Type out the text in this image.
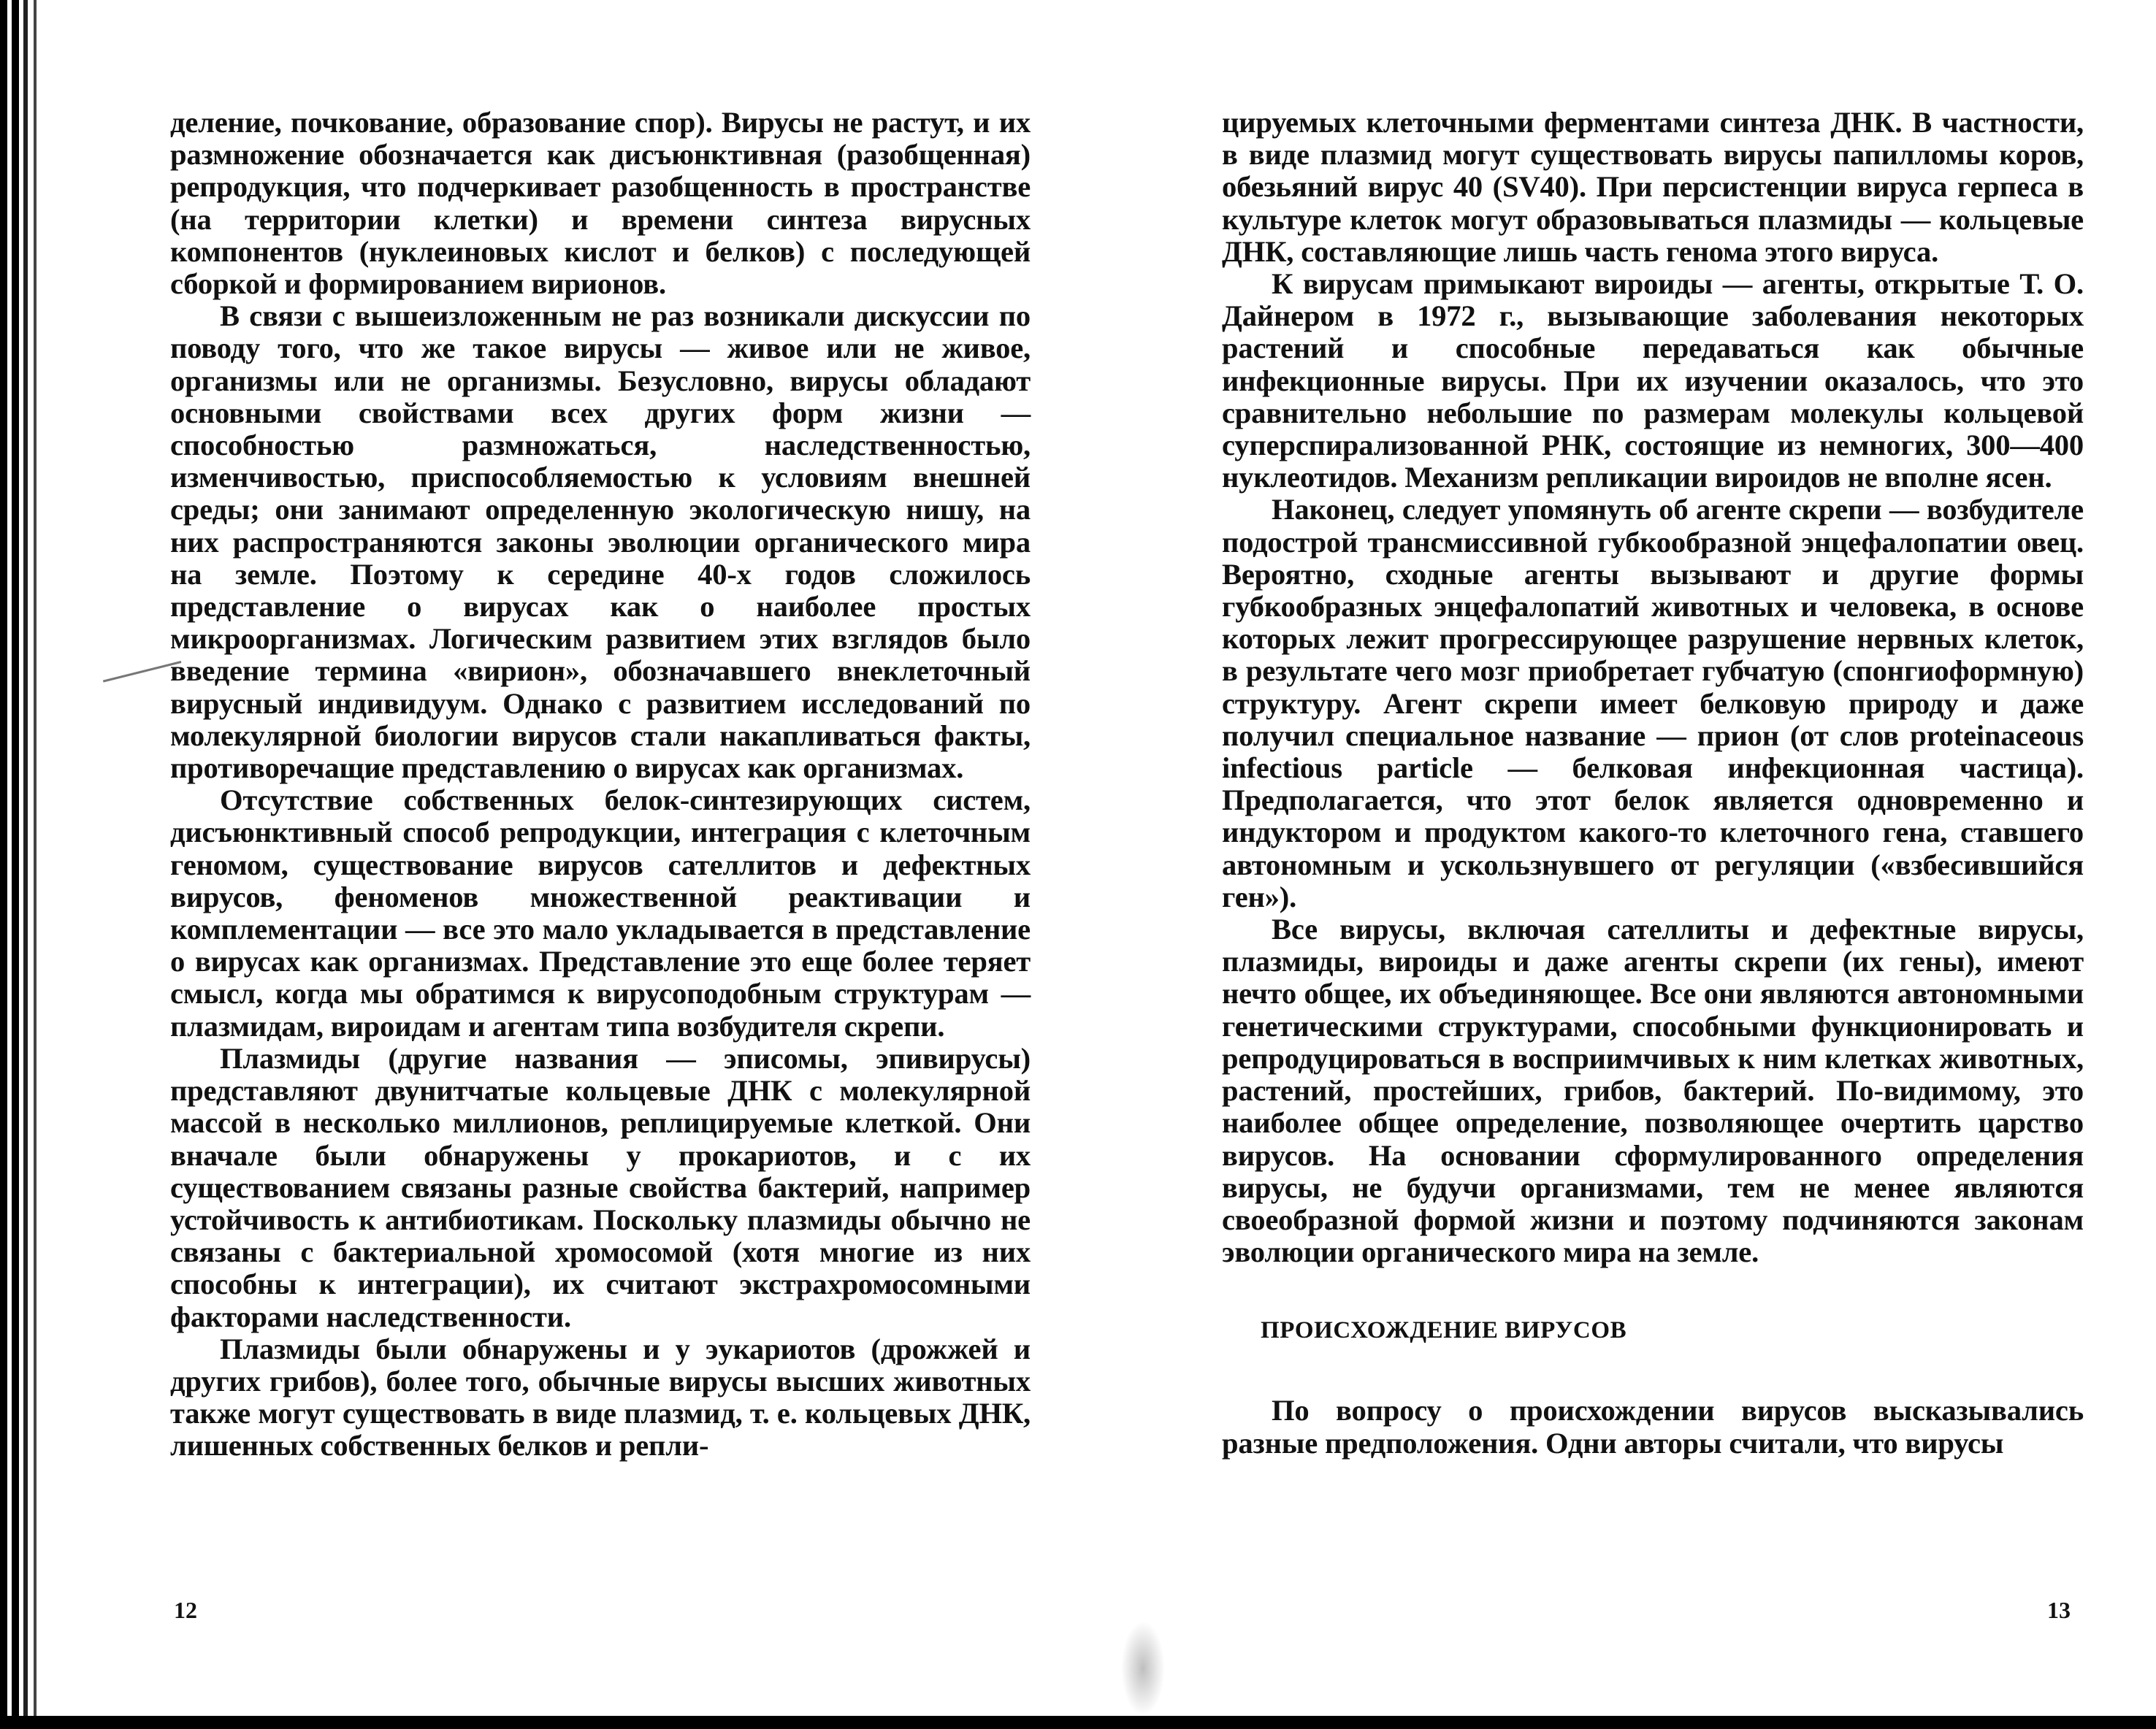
деление, почкование, образование спор). Вирусы не растут, и их размножение обозначается как дисъюнктивная (разобщенная) репродукция, что подчеркивает разобщенность в пространстве (на территории клетки) и времени синтеза вирусных компонентов (нуклеиновых кислот и белков) с последующей сборкой и формированием вирионов.

В связи с вышеизложенным не раз возникали дискуссии по поводу того, что же такое вирусы — живое или не живое, организмы или не организмы. Безусловно, вирусы обладают основными свойствами всех других форм жизни — способностью размножаться, наследственностью, изменчивостью, приспособляемостью к условиям внешней среды; они занимают определенную экологическую нишу, на них распространяются законы эволюции органического мира на земле. Поэтому к середине 40-х годов сложилось представление о вирусах как о наиболее простых микроорганизмах. Логическим развитием этих взглядов было введение термина «вирион», обозначавшего внеклеточный вирусный индивидуум. Однако с развитием исследований по молекулярной биологии вирусов стали накапливаться факты, противоречащие представлению о вирусах как организмах.

Отсутствие собственных белок-синтезирующих систем, дисъюнктивный способ репродукции, интеграция с клеточным геномом, существование вирусов сателлитов и дефектных вирусов, феноменов множественной реактивации и комплементации — все это мало укладывается в представление о вирусах как организмах. Представление это еще более теряет смысл, когда мы обратимся к вирусоподобным структурам — плазмидам, вироидам и агентам типа возбудителя скрепи.

Плазмиды (другие названия — эписомы, эпивирусы) представляют двунитчатые кольцевые ДНК с молекулярной массой в несколько миллионов, реплицируемые клеткой. Они вначале были обнаружены у прокариотов, и с их существованием связаны разные свойства бактерий, например устойчивость к антибиотикам. Поскольку плазмиды обычно не связаны с бактериальной хромосомой (хотя многие из них способны к интеграции), их считают экстрахромосомными факторами наследственности.

Плазмиды были обнаружены и у эукариотов (дрожжей и других грибов), более того, обычные вирусы высших животных также могут существовать в виде плазмид, т. е. кольцевых ДНК, лишенных собственных белков и репли-

12

цируемых клеточными ферментами синтеза ДНК. В частности, в виде плазмид могут существовать вирусы папилломы коров, обезьяний вирус 40 (SV40). При персистенции вируса герпеса в культуре клеток могут образовываться плазмиды — кольцевые ДНК, составляющие лишь часть генома этого вируса.

К вирусам примыкают вироиды — агенты, открытые Т. О. Дайнером в 1972 г., вызывающие заболевания некоторых растений и способные передаваться как обычные инфекционные вирусы. При их изучении оказалось, что это сравнительно небольшие по размерам молекулы кольцевой суперспирализованной РНК, состоящие из немногих, 300—400 нуклеотидов. Механизм репликации вироидов не вполне ясен.

Наконец, следует упомянуть об агенте скрепи — возбудителе подострой трансмиссивной губкообразной энцефалопатии овец. Вероятно, сходные агенты вызывают и другие формы губкообразных энцефалопатий животных и человека, в основе которых лежит прогрессирующее разрушение нервных клеток, в результате чего мозг приобретает губчатую (спонгиоформную) структуру. Агент скрепи имеет белковую природу и даже получил специальное название — прион (от слов proteinaceous infectious particle — белковая инфекционная частица). Предполагается, что этот белок является одновременно и индуктором и продуктом какого-то клеточного гена, ставшего автономным и ускользнувшего от регуляции («взбесившийся ген»).

Все вирусы, включая сателлиты и дефектные вирусы, плазмиды, вироиды и даже агенты скрепи (их гены), имеют нечто общее, их объединяющее. Все они являются автономными генетическими структурами, способными функционировать и репродуцироваться в восприимчивых к ним клетках животных, растений, простейших, грибов, бактерий. По-видимому, это наиболее общее определение, позволяющее очертить царство вирусов. На основании сформулированного определения вирусы, не будучи организмами, тем не менее являются своеобразной формой жизни и поэтому подчиняются законам эволюции органического мира на земле.

ПРОИСХОЖДЕНИЕ ВИРУСОВ

По вопросу о происхождении вирусов высказывались разные предположения. Одни авторы считали, что вирусы

13
